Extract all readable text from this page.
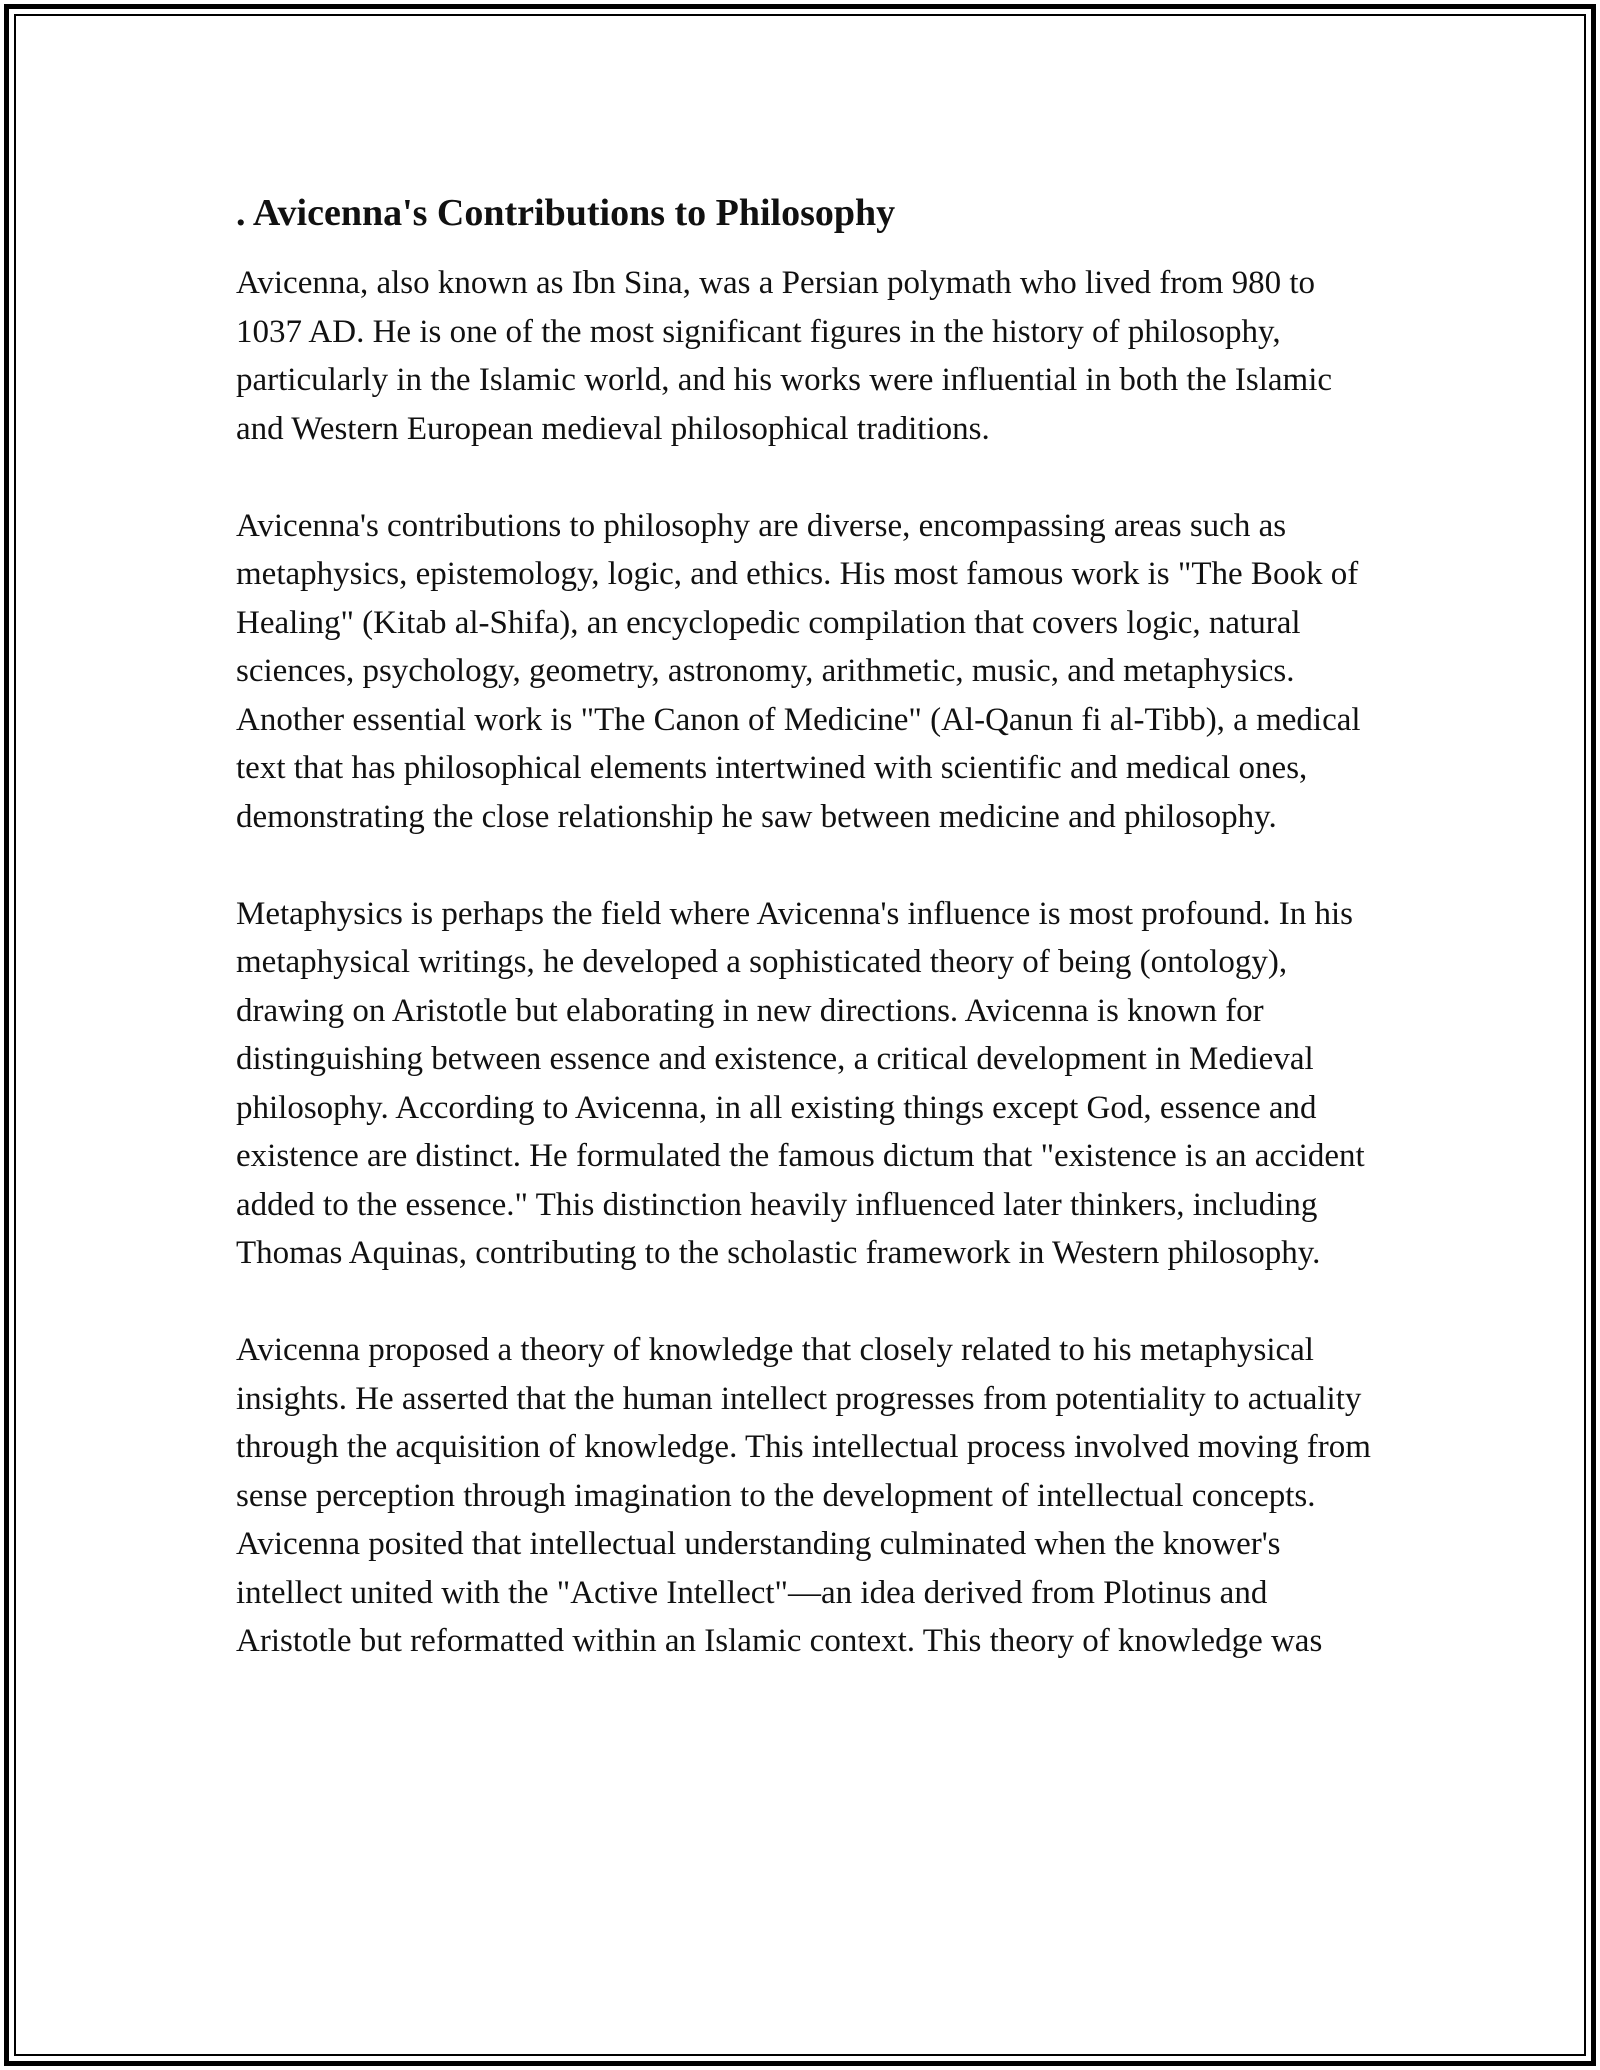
. Avicenna's Contributions to Philosophy

Avicenna, also known as Ibn Sina, was a Persian polymath who lived from 980 to 1037 AD. He is one of the most significant figures in the history of philosophy, particularly in the Islamic world, and his works were influential in both the Islamic and Western European medieval philosophical traditions.

Avicenna's contributions to philosophy are diverse, encompassing areas such as metaphysics, epistemology, logic, and ethics. His most famous work is "The Book of Healing" (Kitab al-Shifa), an encyclopedic compilation that covers logic, natural sciences, psychology, geometry, astronomy, arithmetic, music, and metaphysics. Another essential work is "The Canon of Medicine" (Al-Qanun fi al-Tibb), a medical text that has philosophical elements intertwined with scientific and medical ones, demonstrating the close relationship he saw between medicine and philosophy.

Metaphysics is perhaps the field where Avicenna's influence is most profound. In his metaphysical writings, he developed a sophisticated theory of being (ontology), drawing on Aristotle but elaborating in new directions. Avicenna is known for distinguishing between essence and existence, a critical development in Medieval philosophy. According to Avicenna, in all existing things except God, essence and existence are distinct. He formulated the famous dictum that "existence is an accident added to the essence." This distinction heavily influenced later thinkers, including Thomas Aquinas, contributing to the scholastic framework in Western philosophy.

Avicenna proposed a theory of knowledge that closely related to his metaphysical insights. He asserted that the human intellect progresses from potentiality to actuality through the acquisition of knowledge. This intellectual process involved moving from sense perception through imagination to the development of intellectual concepts. Avicenna posited that intellectual understanding culminated when the knower's intellect united with the "Active Intellect"—an idea derived from Plotinus and Aristotle but reformatted within an Islamic context. This theory of knowledge was
